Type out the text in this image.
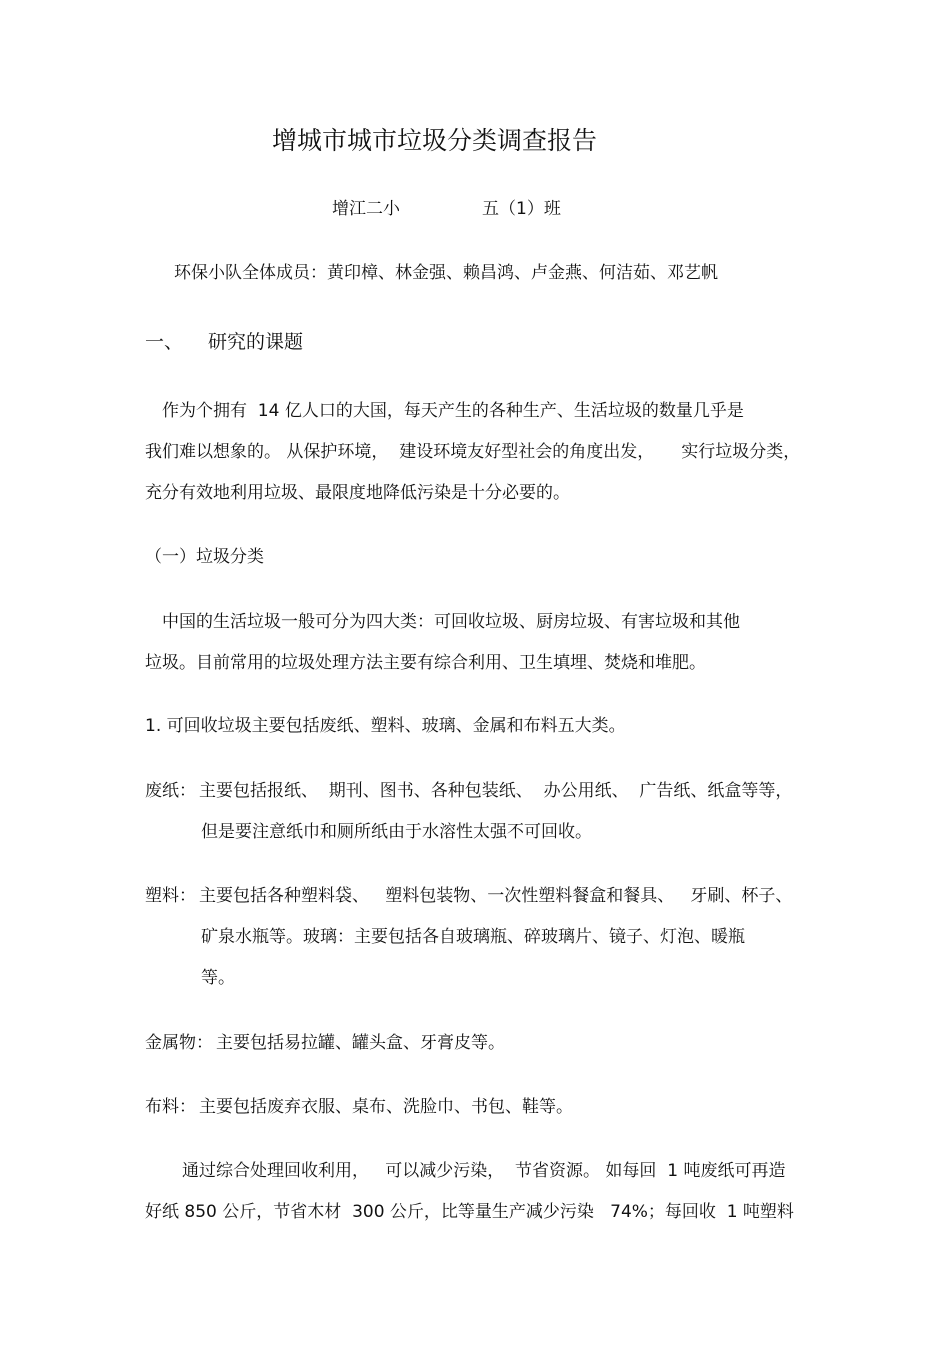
增城市城市垃圾分类调查报告
增江二小	五（1）班
环保小队全体成员：黄印樟、林金强、赖昌鸿、卢金燕、何洁茹、邓艺帆
一、 研究的课题
作为个拥有  14 亿人口的大国，每天产生的各种生产、生活垃圾的数量几乎是
我们难以想象的。 从保护环境，  建设环境友好型社会的角度出发，     实行垃圾分类，
充分有效地利用垃圾、最限度地降低污染是十分必要的。
（一）垃圾分类
中国的生活垃圾一般可分为四大类：可回收垃圾、厨房垃圾、有害垃圾和其他
垃圾。目前常用的垃圾处理方法主要有综合利用、卫生填埋、焚烧和堆肥。
1. 可回收垃圾主要包括废纸、塑料、玻璃、金属和布料五大类。
废纸： 主要包括报纸、  期刊、图书、各种包装纸、  办公用纸、  广告纸、纸盒等等，
但是要注意纸巾和厕所纸由于水溶性太强不可回收。
塑料： 主要包括各种塑料袋、   塑料包装物、一次性塑料餐盒和餐具、   牙刷、杯子、
矿泉水瓶等。玻璃：主要包括各自玻璃瓶、碎玻璃片、镜子、灯泡、暖瓶
等。
金属物： 主要包括易拉罐、罐头盒、牙膏皮等。
布料： 主要包括废弃衣服、桌布、洗脸巾、书包、鞋等。
通过综合处理回收利用，   可以减少污染，  节省资源。 如每回  1 吨废纸可再造
好纸 850 公斤，节省木材  300 公斤，比等量生产减少污染   74%；每回收  1 吨塑料
